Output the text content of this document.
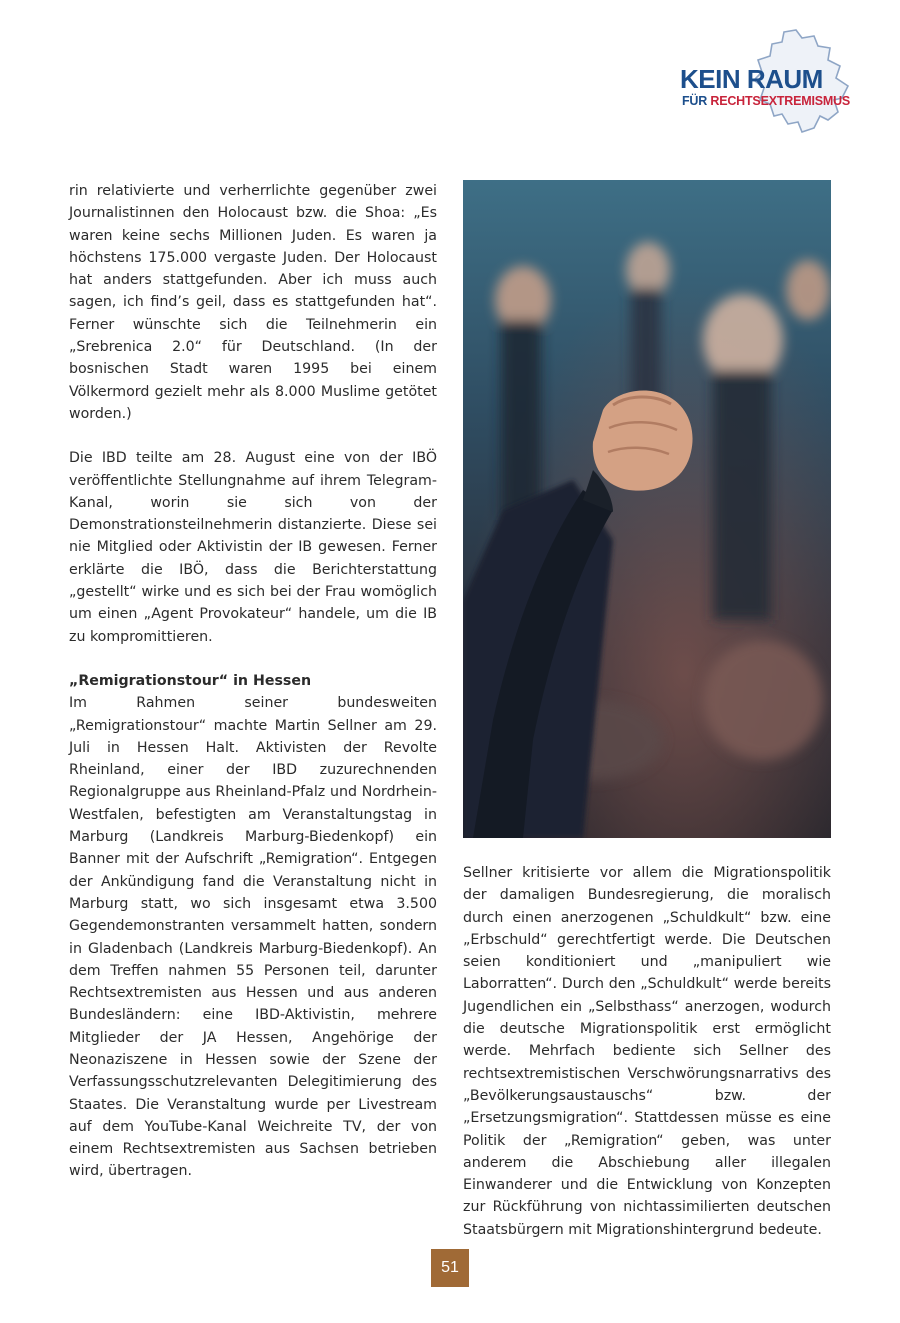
KEIN RAUM
FÜR RECHTSEXTREMISMUS

rin relativierte und verherrlichte gegenüber zwei Journalistinnen den Holocaust bzw. die Shoa: „Es waren keine sechs Millionen Juden. Es waren ja höchstens 175.000 vergaste Juden. Der Holocaust hat anders stattgefunden. Aber ich muss auch sagen, ich find’s geil, dass es stattgefunden hat“. Ferner wünschte sich die Teilnehmerin ein „Srebrenica 2.0“ für Deutschland. (In der bosnischen Stadt waren 1995 bei einem Völkermord gezielt mehr als 8.000 Muslime getötet worden.)

Die IBD teilte am 28. August eine von der IBÖ veröffentlichte Stellungnahme auf ihrem Telegram-Kanal, worin sie sich von der Demonstrationsteilnehmerin distanzierte. Diese sei nie Mitglied oder Aktivistin der IB gewesen. Ferner erklärte die IBÖ, dass die Berichterstattung „gestellt“ wirke und es sich bei der Frau womöglich um einen „Agent Provokateur“ handele, um die IB zu kompromittieren.

„Remigrationstour“ in Hessen

Im Rahmen seiner bundesweiten „Remigrationstour“ machte Martin Sellner am 29. Juli in Hessen Halt. Aktivisten der Revolte Rheinland, einer der IBD zuzurechnenden Regionalgruppe aus Rheinland-Pfalz und Nordrhein-Westfalen, befestigten am Veranstaltungstag in Marburg (Landkreis Marburg-Biedenkopf) ein Banner mit der Aufschrift „Remigration“. Entgegen der Ankündigung fand die Veranstaltung nicht in Marburg statt, wo sich insgesamt etwa 3.500 Gegendemonstranten versammelt hatten, sondern in Gladenbach (Landkreis Marburg-Biedenkopf). An dem Treffen nahmen 55 Personen teil, darunter Rechtsextremisten aus Hessen und aus anderen Bundesländern: eine IBD-Aktivistin, mehrere Mitglieder der JA Hessen, Angehörige der Neonaziszene in Hessen sowie der Szene der Verfassungsschutzrelevanten Delegitimierung des Staates. Die Veranstaltung wurde per Livestream auf dem YouTube-Kanal Weichreite TV, der von einem Rechtsextremisten aus Sachsen betrieben wird, übertragen.

Sellner kritisierte vor allem die Migrationspolitik der damaligen Bundesregierung, die moralisch durch einen anerzogenen „Schuldkult“ bzw. eine „Erbschuld“ gerechtfertigt werde. Die Deutschen seien konditioniert und „manipuliert wie Laborratten“. Durch den „Schuldkult“ werde bereits Jugendlichen ein „Selbsthass“ anerzogen, wodurch die deutsche Migrationspolitik erst ermöglicht werde. Mehrfach bediente sich Sellner des rechtsextremistischen Verschwörungsnarrativs des „Bevölkerungsaustauschs“ bzw. der „Ersetzungsmigration“. Stattdessen müsse es eine Politik der „Remigration“ geben, was unter anderem die Abschiebung aller illegalen Einwanderer und die Entwicklung von Konzepten zur Rückführung von nichtassimilierten deutschen Staatsbürgern mit Migrationshintergrund bedeute.

51
